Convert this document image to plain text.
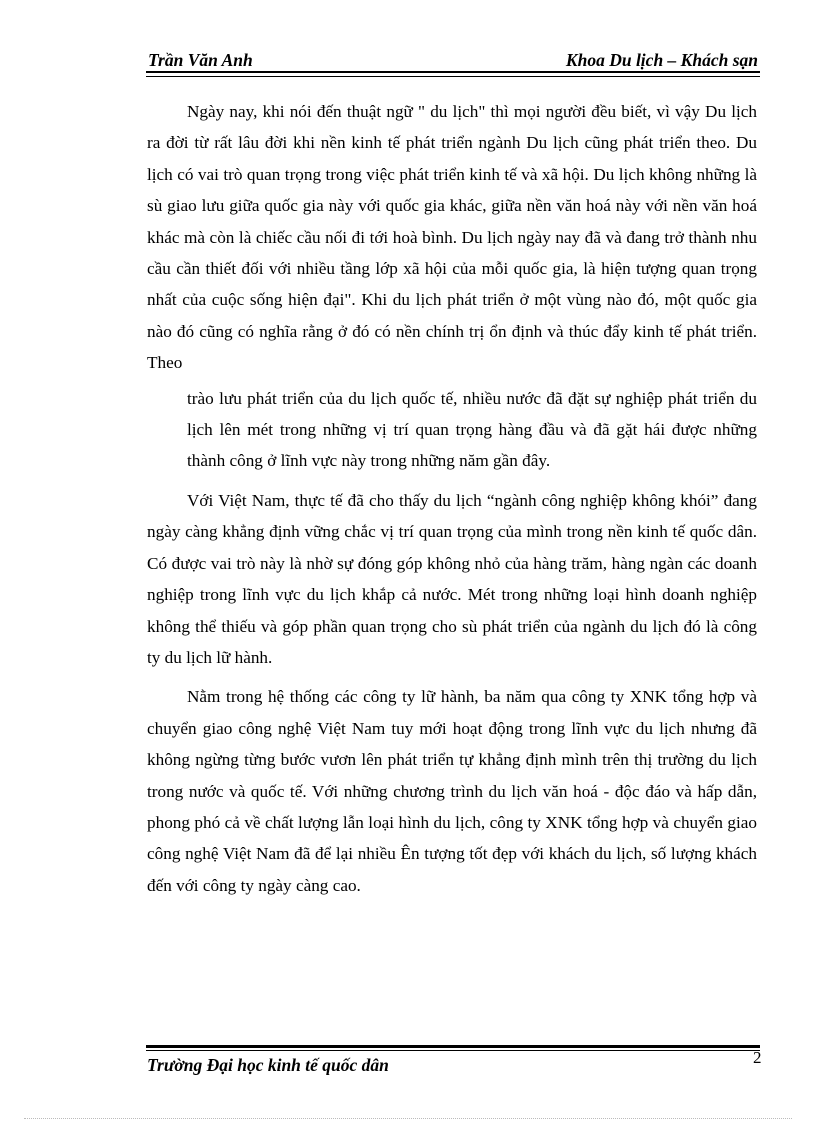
Trần Văn Anh	Khoa Du lịch – Khách sạn

Ngày nay, khi nói đến thuật ngữ " du lịch" thì mọi người đều biết, vì vậy Du lịch ra đời từ rất lâu đời khi nền kinh tế phát triển ngành Du lịch cũng phát triển theo. Du lịch có vai trò quan trọng trong việc phát triển kinh tế và xã hội. Du lịch không những là sù giao lưu giữa quốc gia này với quốc gia khác, giữa nền văn hoá này với nền văn hoá khác mà còn là chiếc cầu nối đi tới hoà bình. Du lịch ngày nay đã và đang trở thành nhu cầu cần thiết đối với nhiều tầng lớp xã hội của mỗi quốc gia, là hiện tượng quan trọng nhất của cuộc sống hiện đại". Khi du lịch phát triển ở một vùng nào đó, một quốc gia nào đó cũng có nghĩa rằng ở đó có nền chính trị ổn định và thúc đẩy kinh tế phát triển. Theo

trào lưu phát triển của du lịch quốc tế, nhiều nước đã đặt sự nghiệp phát triển du lịch lên mét trong những vị trí quan trọng hàng đầu và đã gặt hái được những thành công ở lĩnh vực này trong những năm gần đây.

Với Việt Nam, thực tế đã cho thấy du lịch “ngành công nghiệp không khói” đang ngày càng khẳng định vững chắc vị trí quan trọng của mình trong nền kinh tế quốc dân. Có được vai trò này là nhờ sự đóng góp không nhỏ của hàng trăm, hàng ngàn các doanh nghiệp trong lĩnh vực du lịch khắp cả nước. Mét trong những loại hình doanh nghiệp không thể thiếu và góp phần quan trọng cho sù phát triển của ngành du lịch đó là công ty du lịch lữ hành.

Nằm trong hệ thống các công ty lữ hành, ba năm qua công ty XNK tổng hợp và chuyển giao công nghệ Việt Nam tuy mới hoạt động trong lĩnh vực du lịch nhưng đã không ngừng từng bước vươn lên phát triển tự khẳng định mình trên thị trường du lịch trong nước và quốc tế. Với những chương trình du lịch văn hoá - độc đáo và hấp dẫn, phong phó cả về chất lượng lẫn loại hình du lịch, công ty XNK tổng hợp và chuyển giao công nghệ Việt Nam đã để lại nhiều Ên tượng tốt đẹp với khách du lịch, số lượng khách đến với công ty ngày càng cao.

Trường Đại học kinh tế quốc dân	2
